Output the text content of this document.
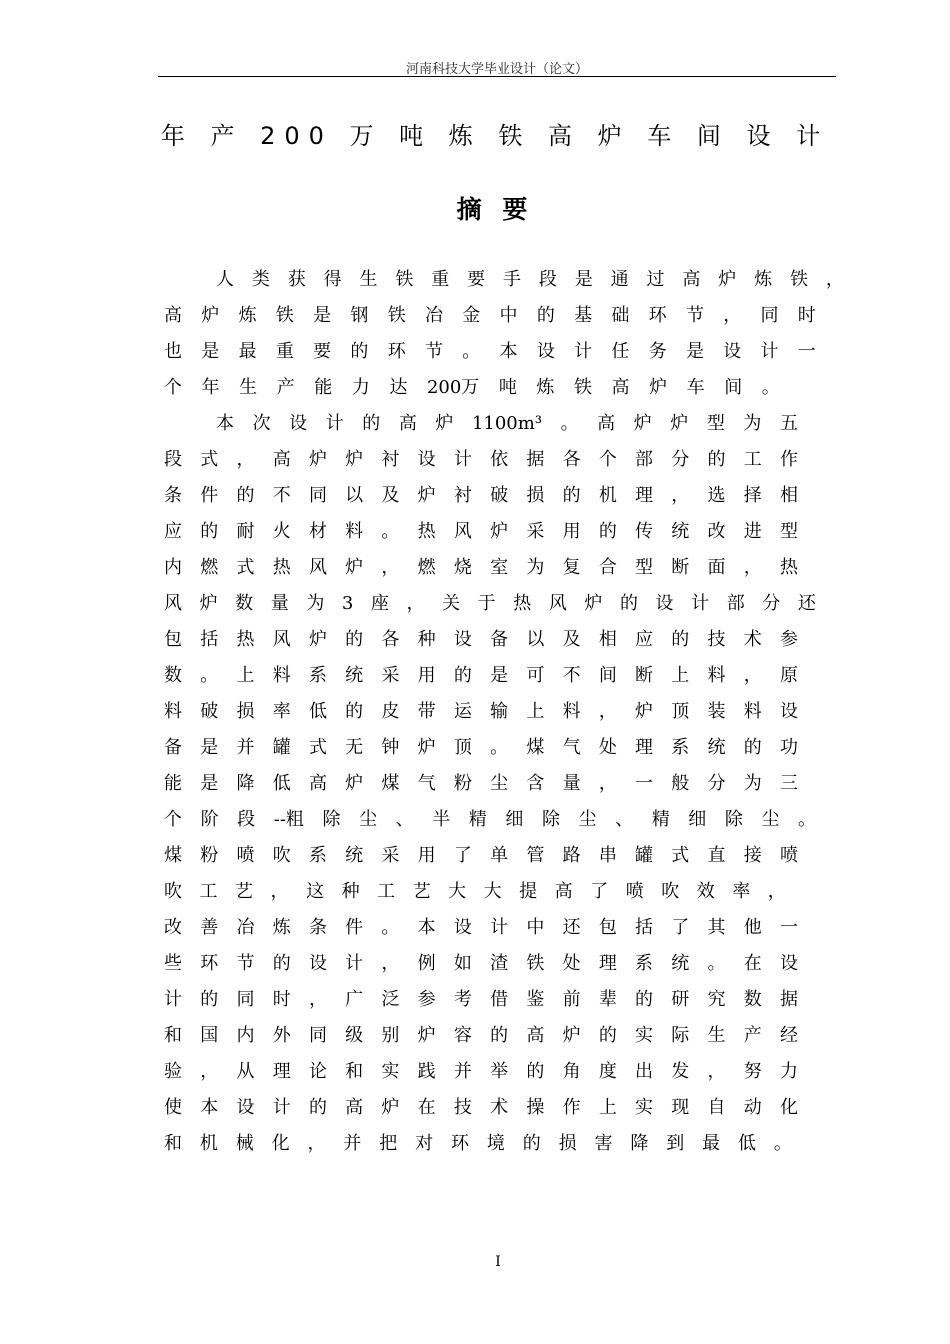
河南科技大学毕业设计（论文）
年 产 200 万 吨 炼 铁 高 炉 车 间 设 计
摘 要
人 类 获 得 生 铁 重 要 手 段 是 通 过 高 炉 炼 铁 ，
高 炉 炼 铁 是 钢 铁 冶 金 中 的 基 础 环 节 ， 同 时
也 是 最 重 要 的 环 节 。 本 设 计 任 务 是 设 计 一
个 年 生 产 能 力 达 200万 吨 炼 铁 高 炉 车 间 。
本 次 设 计 的 高 炉 1100m³ 。 高 炉 炉 型 为 五
段 式 ， 高 炉 炉 衬 设 计 依 据 各 个 部 分 的 工 作
条 件 的 不 同 以 及 炉 衬 破 损 的 机 理 ， 选 择 相
应 的 耐 火 材 料 。 热 风 炉 采 用 的 传 统 改 进 型
内 燃 式 热 风 炉 ， 燃 烧 室 为 复 合 型 断 面 ， 热
风 炉 数 量 为 3 座 ， 关 于 热 风 炉 的 设 计 部 分 还
包 括 热 风 炉 的 各 种 设 备 以 及 相 应 的 技 术 参
数 。 上 料 系 统 采 用 的 是 可 不 间 断 上 料 ， 原
料 破 损 率 低 的 皮 带 运 输 上 料 ， 炉 顶 装 料 设
备 是 并 罐 式 无 钟 炉 顶 。 煤 气 处 理 系 统 的 功
能 是 降 低 高 炉 煤 气 粉 尘 含 量 ， 一 般 分 为 三
个 阶 段 --粗 除 尘 、 半 精 细 除 尘 、 精 细 除 尘 。
煤 粉 喷 吹 系 统 采 用 了 单 管 路 串 罐 式 直 接 喷
吹 工 艺 ， 这 种 工 艺 大 大 提 高 了 喷 吹 效 率 ，
改 善 冶 炼 条 件 。 本 设 计 中 还 包 括 了 其 他 一
些 环 节 的 设 计 ， 例 如 渣 铁 处 理 系 统 。 在 设
计 的 同 时 ， 广 泛 参 考 借 鉴 前 辈 的 研 究 数 据
和 国 内 外 同 级 别 炉 容 的 高 炉 的 实 际 生 产 经
验 ， 从 理 论 和 实 践 并 举 的 角 度 出 发 ， 努 力
使 本 设 计 的 高 炉 在 技 术 操 作 上 实 现 自 动 化
和 机 械 化 ， 并 把 对 环 境 的 损 害 降 到 最 低 。
I
